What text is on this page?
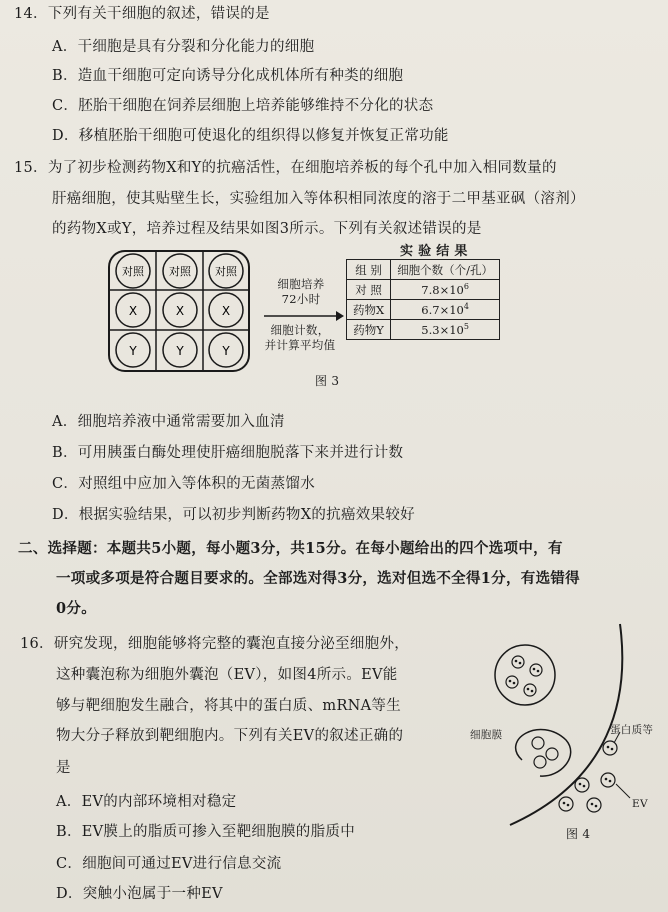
14．下列有关干细胞的叙述，错误的是
A．干细胞是具有分裂和分化能力的细胞
B．造血干细胞可定向诱导分化成机体所有种类的细胞
C．胚胎干细胞在饲养层细胞上培养能够维持不分化的状态
D．移植胚胎干细胞可使退化的组织得以修复并恢复正常功能
15．为了初步检测药物X和Y的抗癌活性，在细胞培养板的每个孔中加入相同数量的
肝癌细胞，使其贴壁生长，实验组加入等体积相同浓度的溶于二甲基亚砜（溶剂）
的药物X或Y，培养过程及结果如图3所示。下列有关叙述错误的是
对照 对照 对照
X	X	X
Y	Y	Y
细胞培养
72小时
细胞计数，
并计算平均值
实 验 结 果
组 别	细胞个数（个/孔）
对 照	$7.8\times 10^6$
药物X	$6.7\times 10^4$
药物Y	$5.3\times 10^5$
图 3
A．细胞培养液中通常需要加入血清
B．可用胰蛋白酶处理使肝癌细胞脱落下来并进行计数
C．对照组中应加入等体积的无菌蒸馏水
D．根据实验结果，可以初步判断药物X的抗癌效果较好
二、选择题：本题共5小题，每小题3分，共15分。在每小题给出的四个选项中，有
一项或多项是符合题目要求的。全部选对得3分，选对但选不全得1分，有选错得
0分。
16．研究发现，细胞能够将完整的囊泡直接分泌至细胞外，
这种囊泡称为细胞外囊泡（EV），如图4所示。EV能
够与靶细胞发生融合，将其中的蛋白质、mRNA等生
物大分子释放到靶细胞内。下列有关EV的叙述正确的
是
A．EV的内部环境相对稳定
B．EV膜上的脂质可掺入至靶细胞膜的脂质中
C．细胞间可通过EV进行信息交流
D．突触小泡属于一种EV
细胞膜	蛋白质等
EV
图 4
